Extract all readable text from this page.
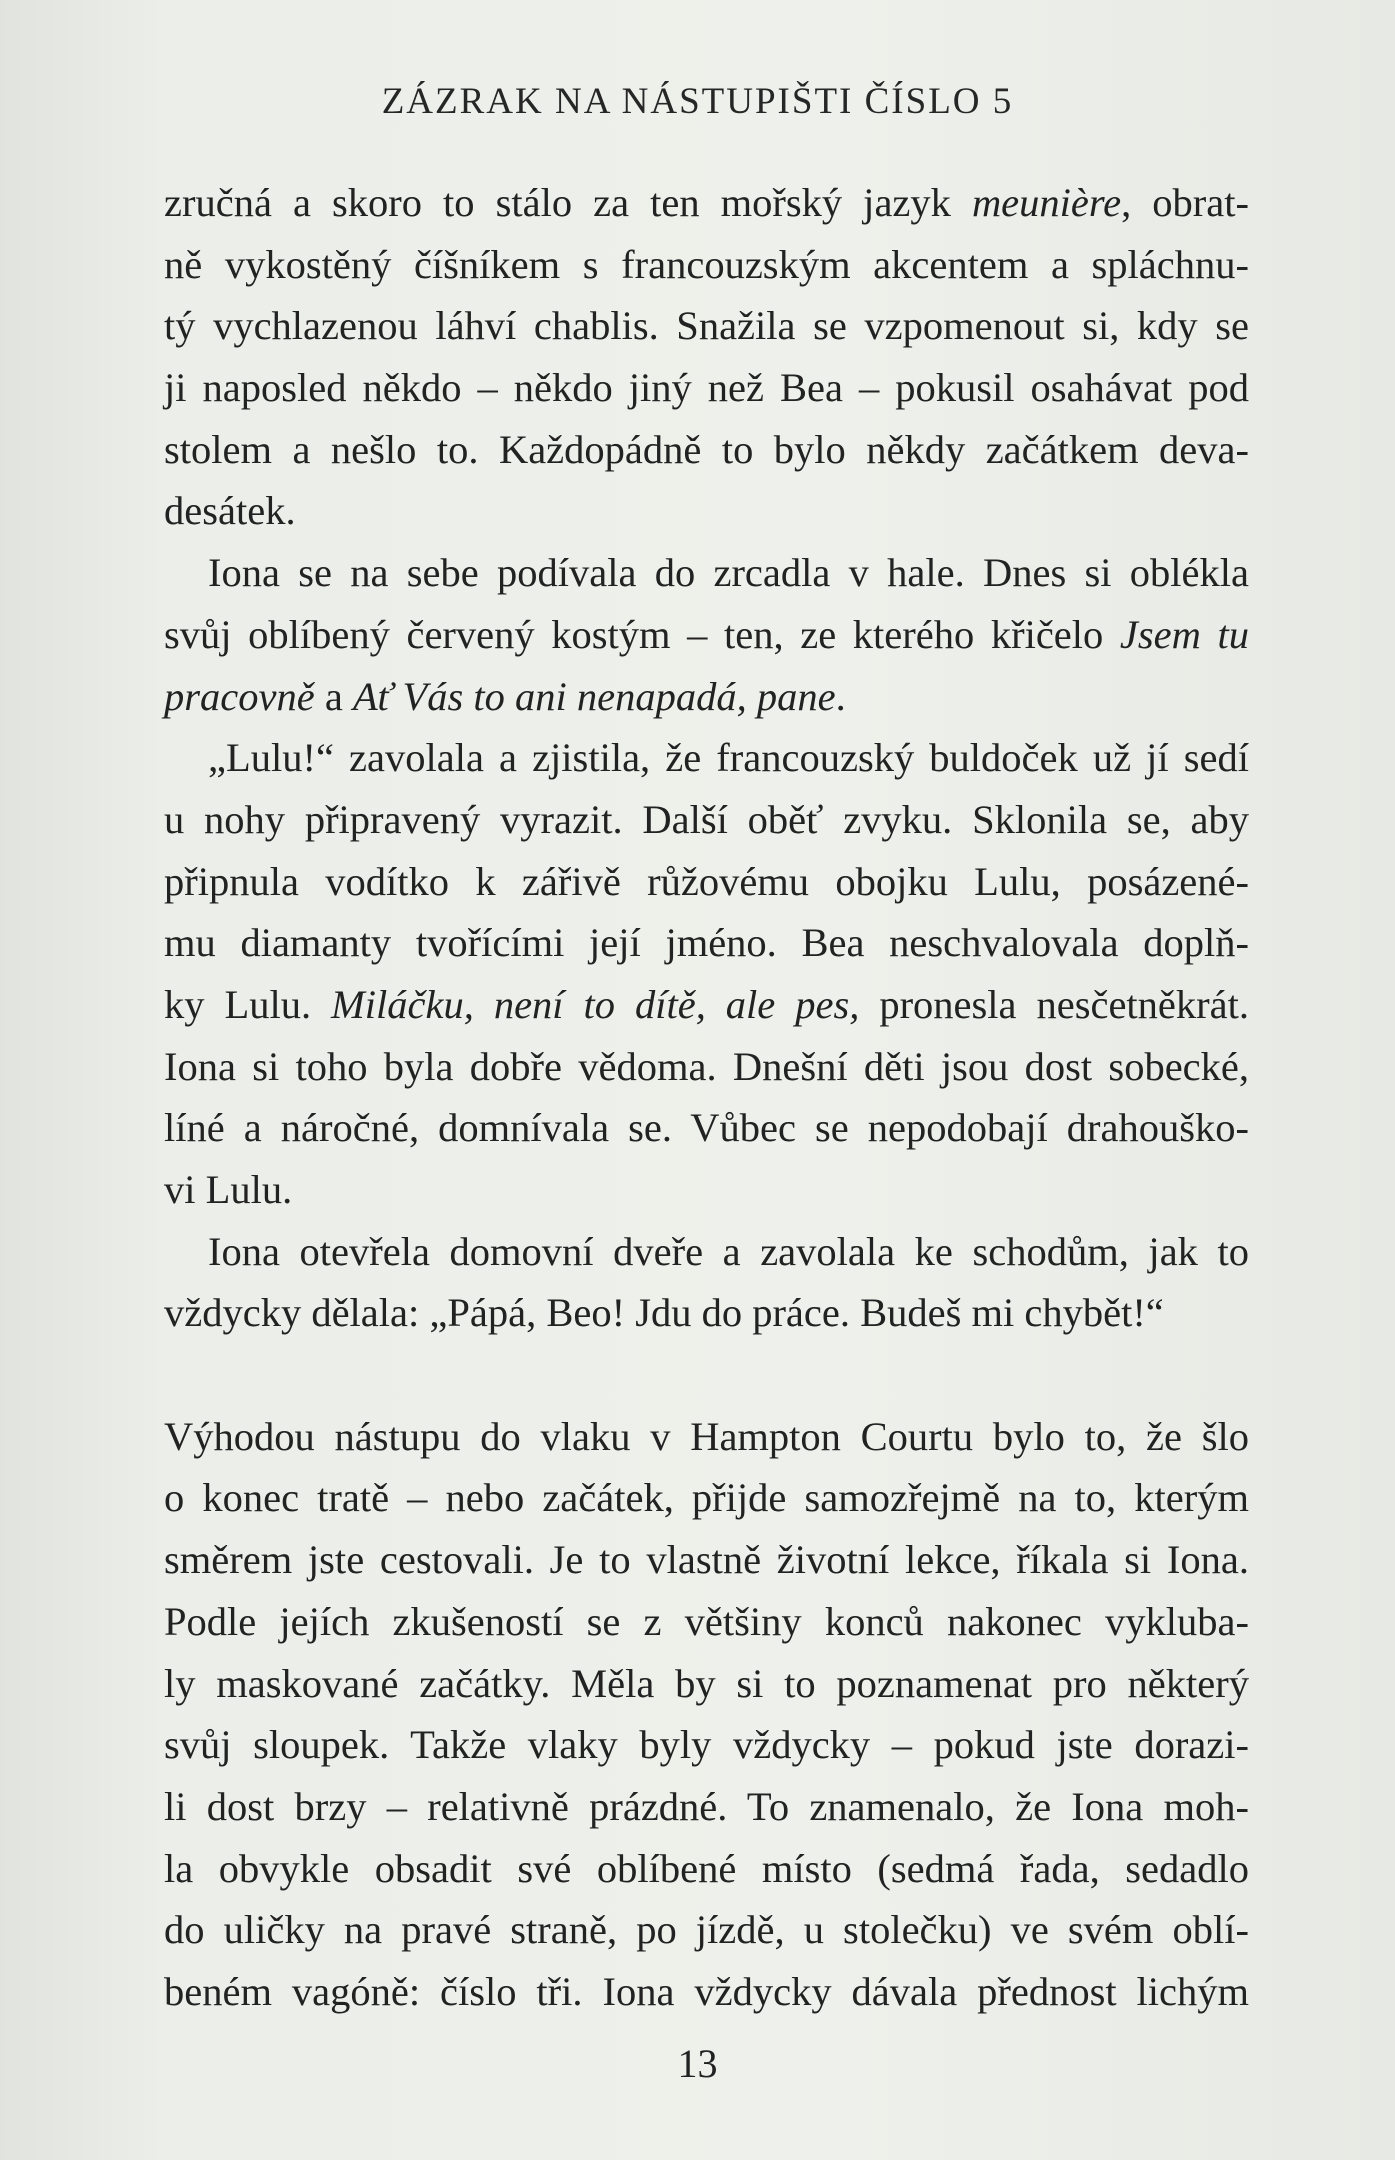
ZÁZRAK NA NÁSTUPIŠTI ČÍSLO 5
zručná a skoro to stálo za ten mořský jazyk meunière, obrat-
ně vykostěný číšníkem s francouzským akcentem a spláchnu-
tý vychlazenou láhví chablis. Snažila se vzpomenout si, kdy se
ji naposled někdo – někdo jiný než Bea – pokusil osahávat pod
stolem a nešlo to. Každopádně to bylo někdy začátkem deva-
desátek.
Iona se na sebe podívala do zrcadla v hale. Dnes si oblékla
svůj oblíbený červený kostým – ten, ze kterého křičelo Jsem tu
pracovně a Ať Vás to ani nenapadá, pane.
„Lulu!“ zavolala a zjistila, že francouzský buldoček už jí sedí
u nohy připravený vyrazit. Další oběť zvyku. Sklonila se, aby
připnula vodítko k zářivě růžovému obojku Lulu, posázené-
mu diamanty tvořícími její jméno. Bea neschvalovala doplň-
ky Lulu. Miláčku, není to dítě, ale pes, pronesla nesčetněkrát.
Iona si toho byla dobře vědoma. Dnešní děti jsou dost sobecké,
líné a náročné, domnívala se. Vůbec se nepodobají drahouško-
vi Lulu.
Iona otevřela domovní dveře a zavolala ke schodům, jak to
vždycky dělala: „Pápá, Beo! Jdu do práce. Budeš mi chybět!“
Výhodou nástupu do vlaku v Hampton Courtu bylo to, že šlo
o konec tratě – nebo začátek, přijde samozřejmě na to, kterým
směrem jste cestovali. Je to vlastně životní lekce, říkala si Iona.
Podle jejích zkušeností se z většiny konců nakonec vykluba-
ly maskované začátky. Měla by si to poznamenat pro některý
svůj sloupek. Takže vlaky byly vždycky – pokud jste dorazi-
li dost brzy – relativně prázdné. To znamenalo, že Iona moh-
la obvykle obsadit své oblíbené místo (sedmá řada, sedadlo
do uličky na pravé straně, po jízdě, u stolečku) ve svém oblí-
beném vagóně: číslo tři. Iona vždycky dávala přednost lichým
13
